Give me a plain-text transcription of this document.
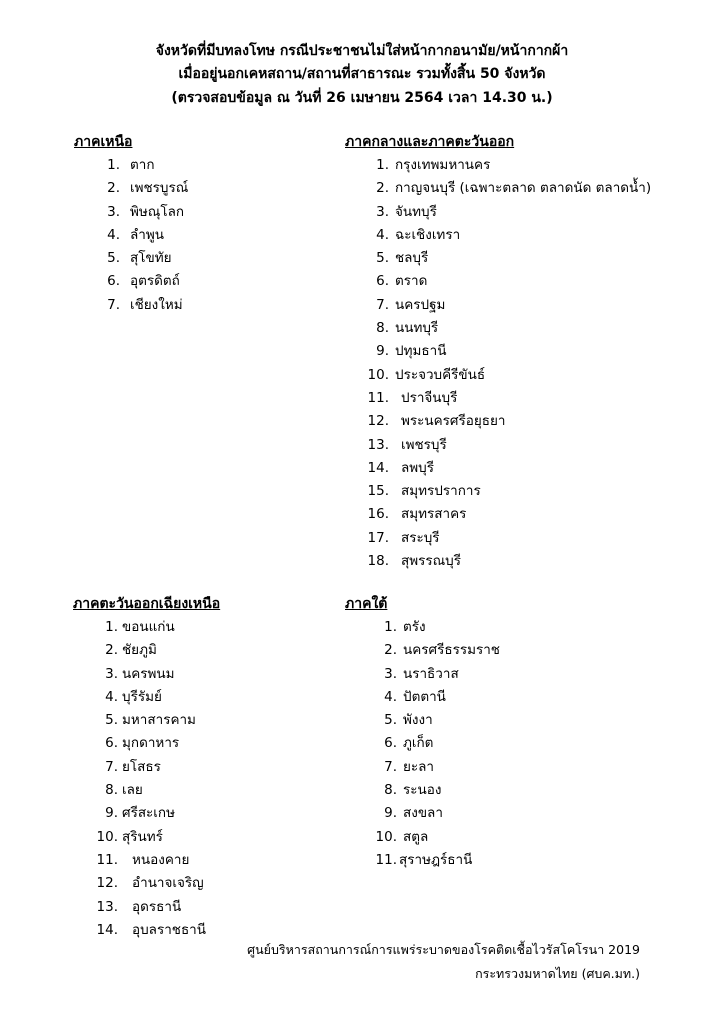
จังหวัดที่มีบทลงโทษ กรณีประชาชนไม่ใส่หน้ากากอนามัย/หน้ากากผ้า
เมื่ออยู่นอกเคหสถาน/สถานที่สาธารณะ รวมทั้งสิ้น 50 จังหวัด
(ตรวจสอบข้อมูล ณ วันที่ 26 เมษายน 2564 เวลา 14.30 น.)
ภาคเหนือ
1. ตาก
2. เพชรบูรณ์
3. พิษณุโลก
4. ลำพูน
5. สุโขทัย
6. อุตรดิตถ์
7. เชียงใหม่
ภาคกลางและภาคตะวันออก
1. กรุงเทพมหานคร
2. กาญจนบุรี (เฉพาะตลาด ตลาดนัด ตลาดน้ำ)
3. จันทบุรี
4. ฉะเชิงเทรา
5. ชลบุรี
6. ตราด
7. นครปฐม
8. นนทบุรี
9. ปทุมธานี
10. ประจวบคีรีขันธ์
11. ปราจีนบุรี
12. พระนครศรีอยุธยา
13. เพชรบุรี
14. ลพบุรี
15. สมุทรปราการ
16. สมุทรสาคร
17. สระบุรี
18. สุพรรณบุรี
ภาคตะวันออกเฉียงเหนือ
1. ขอนแก่น
2. ชัยภูมิ
3. นครพนม
4. บุรีรัมย์
5. มหาสารคาม
6. มุกดาหาร
7. ยโสธร
8. เลย
9. ศรีสะเกษ
10. สุรินทร์
11.	หนองคาย
12.	อำนาจเจริญ
13.	อุดรธานี
14.	อุบลราชธานี
ภาคใต้
1. ตรัง
2. นครศรีธรรมราช
3. นราธิวาส
4. ปัตตานี
5. พังงา
6. ภูเก็ต
7. ยะลา
8. ระนอง
9. สงขลา
10. สตูล
11. สุราษฎร์ธานี
ศูนย์บริหารสถานการณ์การแพร่ระบาดของโรคติดเชื้อไวรัสโคโรนา 2019
กระทรวงมหาดไทย (ศบค.มท.)
